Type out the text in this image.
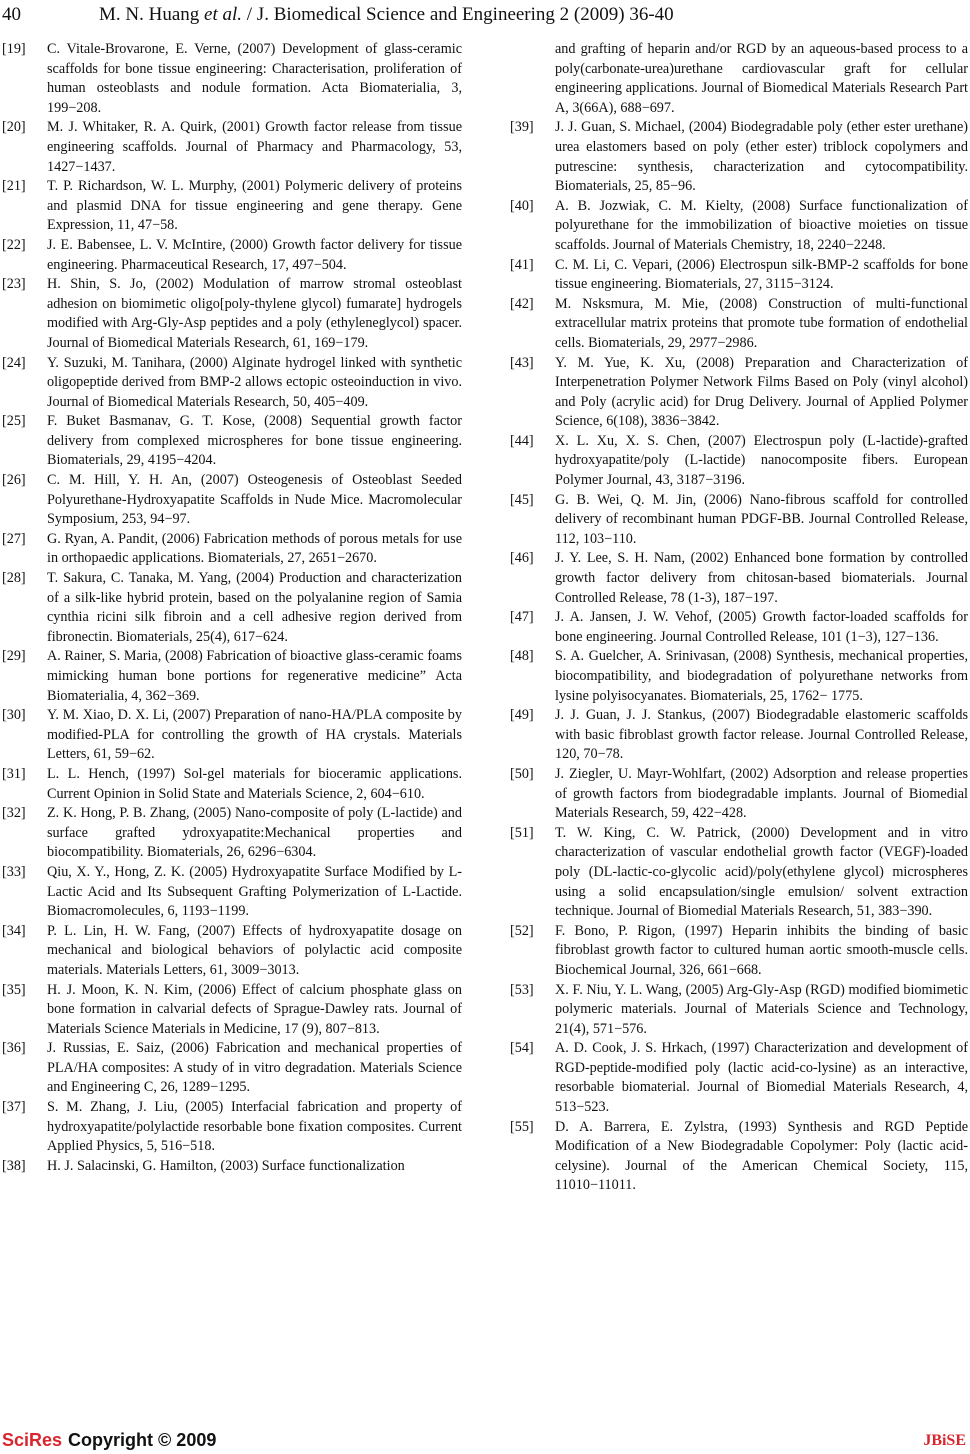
40	M. N. Huang et al. / J. Biomedical Science and Engineering 2 (2009) 36-40
[19] C. Vitale-Brovarone, E. Verne, (2007) Development of glass-ceramic scaffolds for bone tissue engineering: Characterisation, proliferation of human osteoblasts and nodule formation. Acta Biomaterialia, 3, 199−208.
[20] M. J. Whitaker, R. A. Quirk, (2001) Growth factor release from tissue engineering scaffolds. Journal of Pharmacy and Pharmacology, 53, 1427−1437.
[21] T. P. Richardson, W. L. Murphy, (2001) Polymeric delivery of proteins and plasmid DNA for tissue engineering and gene therapy. Gene Expression, 11, 47−58.
[22] J. E. Babensee, L. V. McIntire, (2000) Growth factor delivery for tissue engineering. Pharmaceutical Research, 17, 497−504.
[23] H. Shin, S. Jo, (2002) Modulation of marrow stromal osteoblast adhesion on biomimetic oligo[poly-thylene glycol) fumarate] hydrogels modified with Arg-Gly-Asp peptides and a poly (ethyleneglycol) spacer. Journal of Biomedical Materials Research, 61, 169−179.
[24] Y. Suzuki, M. Tanihara, (2000) Alginate hydrogel linked with synthetic oligopeptide derived from BMP-2 allows ectopic osteoinduction in vivo. Journal of Biomedical Materials Research, 50, 405−409.
[25] F. Buket Basmanav, G. T. Kose, (2008) Sequential growth factor delivery from complexed microspheres for bone tissue engineering. Biomaterials, 29, 4195−4204.
[26] C. M. Hill, Y. H. An, (2007) Osteogenesis of Osteoblast Seeded Polyurethane-Hydroxyapatite Scaffolds in Nude Mice. Macromolecular Symposium, 253, 94−97.
[27] G. Ryan, A. Pandit, (2006) Fabrication methods of porous metals for use in orthopaedic applications. Biomaterials, 27, 2651−2670.
[28] T. Sakura, C. Tanaka, M. Yang, (2004) Production and characterization of a silk-like hybrid protein, based on the polyalanine region of Samia cynthia ricini silk fibroin and a cell adhesive region derived from fibronectin. Biomaterials, 25(4), 617−624.
[29] A. Rainer, S. Maria, (2008) Fabrication of bioactive glass-ceramic foams mimicking human bone portions for regenerative medicine” Acta Biomaterialia, 4, 362−369.
[30] Y. M. Xiao, D. X. Li, (2007) Preparation of nano-HA/PLA composite by modified-PLA for controlling the growth of HA crystals. Materials Letters, 61, 59−62.
[31] L. L. Hench, (1997) Sol-gel materials for bioceramic applications. Current Opinion in Solid State and Materials Science, 2, 604−610.
[32] Z. K. Hong, P. B. Zhang, (2005) Nano-composite of poly (L-lactide) and surface grafted ydroxyapatite:Mechanical properties and biocompatibility. Biomaterials, 26, 6296−6304.
[33] Qiu, X. Y., Hong, Z. K. (2005) Hydroxyapatite Surface Modified by L-Lactic Acid and Its Subsequent Grafting Polymerization of L-Lactide. Biomacromolecules, 6, 1193−1199.
[34] P. L. Lin, H. W. Fang, (2007) Effects of hydroxyapatite dosage on mechanical and biological behaviors of polylactic acid composite materials. Materials Letters, 61, 3009−3013.
[35] H. J. Moon, K. N. Kim, (2006) Effect of calcium phosphate glass on bone formation in calvarial defects of Sprague-Dawley rats. Journal of Materials Science Materials in Medicine, 17 (9), 807−813.
[36] J. Russias, E. Saiz, (2006) Fabrication and mechanical properties of PLA/HA composites: A study of in vitro degradation. Materials Science and Engineering C, 26, 1289−1295.
[37] S. M. Zhang, J. Liu, (2005) Interfacial fabrication and property of hydroxyapatite/polylactide resorbable bone fixation composites. Current Applied Physics, 5, 516−518.
[38] H. J. Salacinski, G. Hamilton, (2003) Surface functionalization
and grafting of heparin and/or RGD by an aqueous-based process to a poly(carbonate-urea)urethane cardiovascular graft for cellular engineering applications. Journal of Biomedical Materials Research Part A, 3(66A), 688−697.
[39] J. J. Guan, S. Michael, (2004) Biodegradable poly (ether ester urethane) urea elastomers based on poly (ether ester) triblock copolymers and putrescine: synthesis, characterization and cytocompatibility. Biomaterials, 25, 85−96.
[40] A. B. Jozwiak, C. M. Kielty, (2008) Surface functionalization of polyurethane for the immobilization of bioactive moieties on tissue scaffolds. Journal of Materials Chemistry, 18, 2240−2248.
[41] C. M. Li, C. Vepari, (2006) Electrospun silk-BMP-2 scaffolds for bone tissue engineering. Biomaterials, 27, 3115−3124.
[42] M. Nsksmura, M. Mie, (2008) Construction of multi-functional extracellular matrix proteins that promote tube formation of endothelial cells. Biomaterials, 29, 2977−2986.
[43] Y. M. Yue, K. Xu, (2008) Preparation and Characterization of Interpenetration Polymer Network Films Based on Poly (vinyl alcohol) and Poly (acrylic acid) for Drug Delivery. Journal of Applied Polymer Science, 6(108), 3836−3842.
[44] X. L. Xu, X. S. Chen, (2007) Electrospun poly (L-lactide)-grafted hydroxyapatite/poly (L-lactide) nanocomposite fibers. European Polymer Journal, 43, 3187−3196.
[45] G. B. Wei, Q. M. Jin, (2006) Nano-fibrous scaffold for controlled delivery of recombinant human PDGF-BB. Journal Controlled Release, 112, 103−110.
[46] J. Y. Lee, S. H. Nam, (2002) Enhanced bone formation by controlled growth factor delivery from chitosan-based biomaterials. Journal Controlled Release, 78 (1-3), 187−197.
[47] J. A. Jansen, J. W. Vehof, (2005) Growth factor-loaded scaffolds for bone engineering. Journal Controlled Release, 101 (1−3), 127−136.
[48] S. A. Guelcher, A. Srinivasan, (2008) Synthesis, mechanical properties, biocompatibility, and biodegradation of polyurethane networks from lysine polyisocyanates. Biomaterials, 25, 1762− 1775.
[49] J. J. Guan, J. J. Stankus, (2007) Biodegradable elastomeric scaffolds with basic fibroblast growth factor release. Journal Controlled Release, 120, 70−78.
[50] J. Ziegler, U. Mayr-Wohlfart, (2002) Adsorption and release properties of growth factors from biodegradable implants. Journal of Biomedial Materials Research, 59, 422−428.
[51] T. W. King, C. W. Patrick, (2000) Development and in vitro characterization of vascular endothelial growth factor (VEGF)-loaded poly (DL-lactic-co-glycolic acid)/poly(ethylene glycol) microspheres using a solid encapsulation/single emulsion/ solvent extraction technique. Journal of Biomedial Materials Research, 51, 383−390.
[52] F. Bono, P. Rigon, (1997) Heparin inhibits the binding of basic fibroblast growth factor to cultured human aortic smooth-muscle cells. Biochemical Journal, 326, 661−668.
[53] X. F. Niu, Y. L. Wang, (2005) Arg-Gly-Asp (RGD) modified biomimetic polymeric materials. Journal of Materials Science and Technology, 21(4), 571−576.
[54] A. D. Cook, J. S. Hrkach, (1997) Characterization and development of RGD-peptide-modified poly (lactic acid-co-lysine) as an interactive, resorbable biomaterial. Journal of Biomedial Materials Research, 4, 513−523.
[55] D. A. Barrera, E. Zylstra, (1993) Synthesis and RGD Peptide Modification of a New Biodegradable Copolymer: Poly (lactic acid-celysine). Journal of the American Chemical Society, 115, 11010−11011.
SciRes Copyright © 2009	JBiSE
